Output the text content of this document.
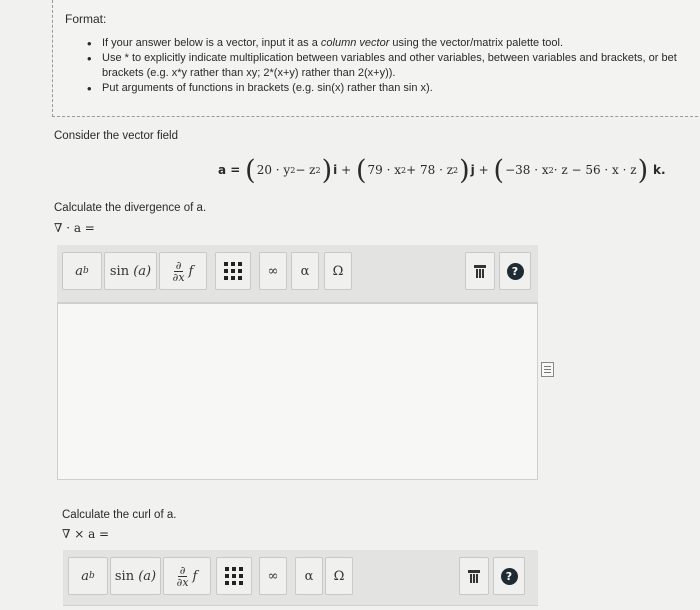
Format:
• If your answer below is a vector, input it as a column vector using the vector/matrix palette tool.
• Use * to explicitly indicate multiplication between variables and other variables, between variables and brackets, or bet
brackets (e.g. x*y rather than xy; 2*(x+y) rather than 2(x+y)).
• Put arguments of functions in brackets (e.g. sin(x) rather than sin x).
Consider the vector field
a =
( 20 · y 2 − z 2 ) i
+
( 79 · x 2 + 78 · z 2 ) j
+
( −38 · x 2 · z − 56 · x · z )
k.
Calculate the divergence of a.
∇ · a =
a b sin
$(a) \frac{\partial}{\partial x}$ f	∞	α	Ω	?
Calculate the curl of a.
∇ × a =
a b sin
$(a) \frac{\partial}{\partial x}$ f	∞	α	Ω	?
